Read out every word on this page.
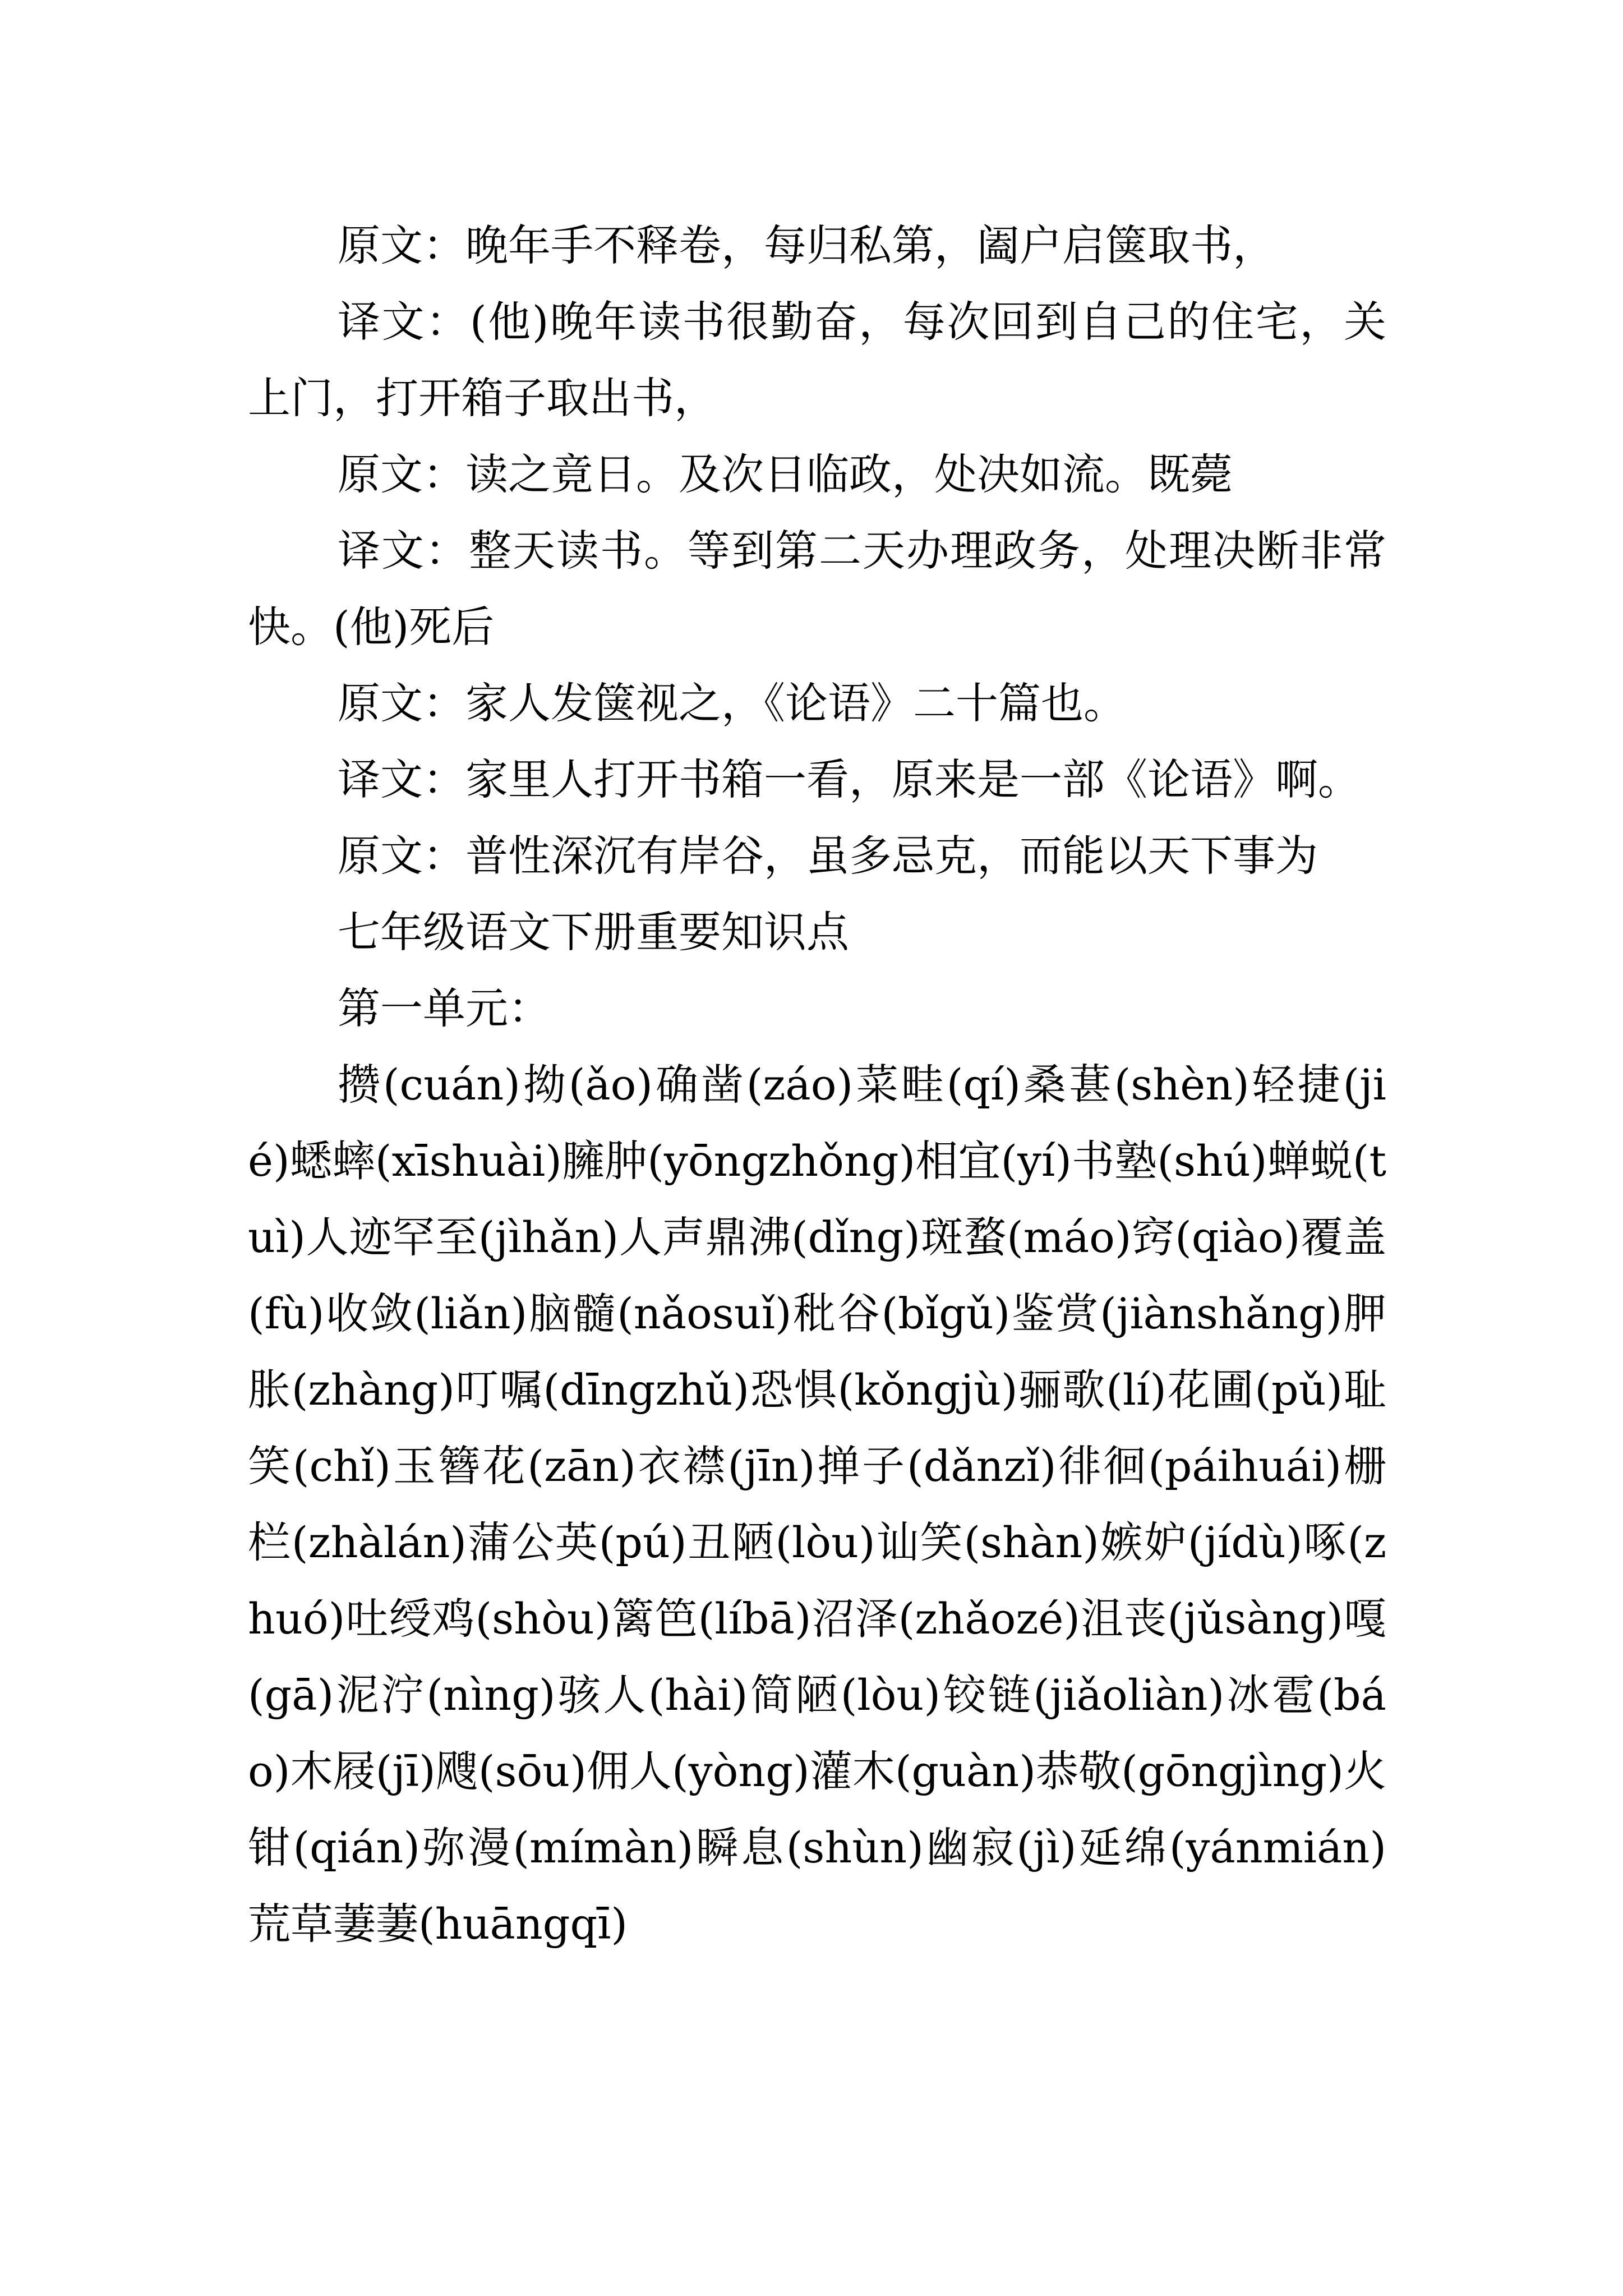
原文：晚年手不释卷，每归私第，阖户启箧取书，

译文：(他)晚年读书很勤奋，每次回到自己的住宅，关上门，打开箱子取出书，

原文：读之竟日。及次日临政，处决如流。既薨

译文：整天读书。等到第二天办理政务，处理决断非常快。(他)死后

原文：家人发箧视之，《论语》二十篇也。

译文：家里人打开书箱一看，原来是一部《论语》啊。

原文：普性深沉有岸谷，虽多忌克，而能以天下事为

七年级语文下册重要知识点

第一单元：

攒(cuán)拗(ǎo)确凿(záo)菜畦(qí)桑葚(shèn)轻捷(jié)蟋蟀(xīshuài)臃肿(yōngzhǒng)相宜(yí)书塾(shú)蝉蜕(tuì)人迹罕至(jìhǎn)人声鼎沸(dǐng)斑蝥(máo)窍(qiào)覆盖(fù)收敛(liǎn)脑髓(nǎosuǐ)秕谷(bǐgǔ)鉴赏(jiànshǎng)胛胀(zhàng)叮嘱(dīngzhǔ)恐惧(kǒngjù)骊歌(lí)花圃(pǔ)耻笑(chǐ)玉簪花(zān)衣襟(jīn)掸子(dǎnzǐ)徘徊(páihuái)栅栏(zhàlán)蒲公英(pú)丑陋(lòu)讪笑(shàn)嫉妒(jídù)啄(zhuó)吐绶鸡(shòu)篱笆(líbā)沼泽(zhǎozé)沮丧(jǔsàng)嘎(gā)泥泞(nìng)骇人(hài)简陋(lòu)铰链(jiǎoliàn)冰雹(báo)木屐(jī)飕(sōu)佣人(yòng)灌木(guàn)恭敬(gōngjìng)火钳(qián)弥漫(mímàn)瞬息(shùn)幽寂(jì)延绵(yánmián)荒草萋萋(huāngqī)
